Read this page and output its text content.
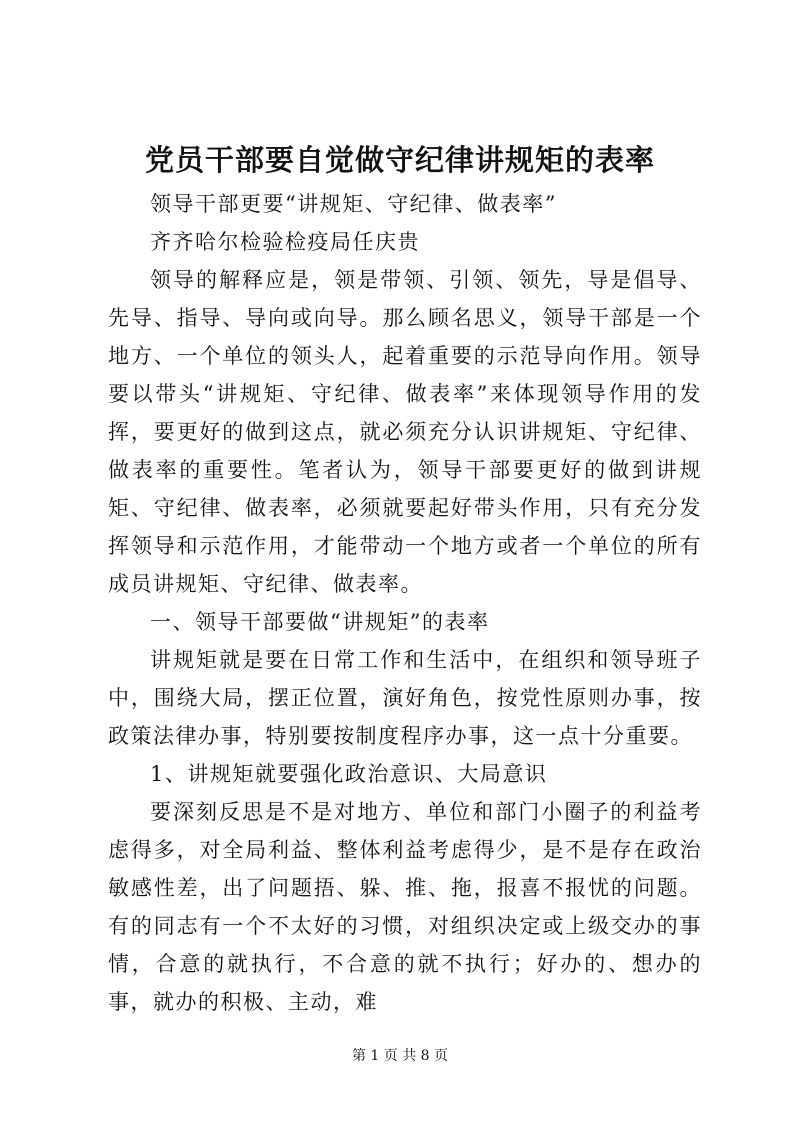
党员干部要自觉做守纪律讲规矩的表率

领导干部更要“讲规矩、守纪律、做表率”

齐齐哈尔检验检疫局任庆贵

领导的解释应是，领是带领、引领、领先，导是倡导、先导、指导、导向或向导。那么顾名思义，领导干部是一个地方、一个单位的领头人，起着重要的示范导向作用。领导要以带头“讲规矩、守纪律、做表率”来体现领导作用的发挥，要更好的做到这点，就必须充分认识讲规矩、守纪律、做表率的重要性。笔者认为，领导干部要更好的做到讲规矩、守纪律、做表率，必须就要起好带头作用，只有充分发挥领导和示范作用，才能带动一个地方或者一个单位的所有成员讲规矩、守纪律、做表率。

一、领导干部要做“讲规矩”的表率

讲规矩就是要在日常工作和生活中，在组织和领导班子中，围绕大局，摆正位置，演好角色，按党性原则办事，按政策法律办事，特别要按制度程序办事，这一点十分重要。

1、讲规矩就要强化政治意识、大局意识

要深刻反思是不是对地方、单位和部门小圈子的利益考虑得多，对全局利益、整体利益考虑得少，是不是存在政治敏感性差，出了问题捂、躲、推、拖，报喜不报忧的问题。有的同志有一个不太好的习惯，对组织决定或上级交办的事情，合意的就执行，不合意的就不执行；好办的、想办的事，就办的积极、主动，难

第 1 页 共 8 页
